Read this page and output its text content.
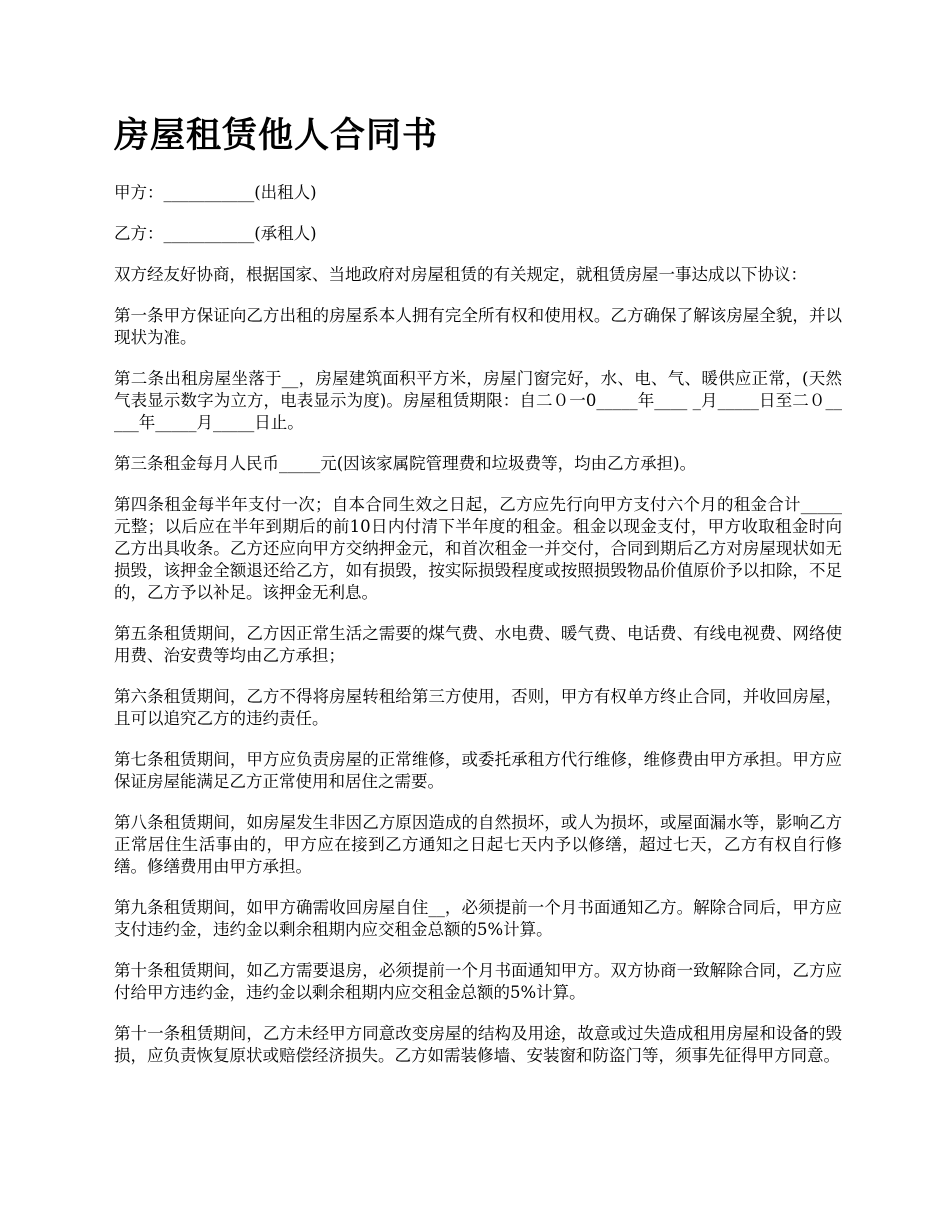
房屋租赁他人合同书

甲方：___________(出租人)

乙方：___________(承租人)

双方经友好协商，根据国家、当地政府对房屋租赁的有关规定，就租赁房屋一事达成以下协议：

第一条甲方保证向乙方出租的房屋系本人拥有完全所有权和使用权。乙方确保了解该房屋全貌，并以现状为准。

第二条出租房屋坐落于__，房屋建筑面积平方米，房屋门窗完好，水、电、气、暖供应正常，(天然气表显示数字为立方，电表显示为度)。房屋租赁期限：自二０一0_____年____ _月_____日至二０_____年_____月_____日止。

第三条租金每月人民币_____元(因该家属院管理费和垃圾费等，均由乙方承担)。

第四条租金每半年支付一次；自本合同生效之日起，乙方应先行向甲方支付六个月的租金合计_____元整；以后应在半年到期后的前10日内付清下半年度的租金。租金以现金支付，甲方收取租金时向乙方出具收条。乙方还应向甲方交纳押金元，和首次租金一并交付，合同到期后乙方对房屋现状如无损毁，该押金全额退还给乙方，如有损毁，按实际损毁程度或按照损毁物品价值原价予以扣除，不足的，乙方予以补足。该押金无利息。

第五条租赁期间，乙方因正常生活之需要的煤气费、水电费、暖气费、电话费、有线电视费、网络使用费、治安费等均由乙方承担；

第六条租赁期间，乙方不得将房屋转租给第三方使用，否则，甲方有权单方终止合同，并收回房屋，且可以追究乙方的违约责任。

第七条租赁期间，甲方应负责房屋的正常维修，或委托承租方代行维修，维修费由甲方承担。甲方应保证房屋能满足乙方正常使用和居住之需要。

第八条租赁期间，如房屋发生非因乙方原因造成的自然损坏，或人为损坏，或屋面漏水等，影响乙方正常居住生活事由的，甲方应在接到乙方通知之日起七天内予以修缮，超过七天，乙方有权自行修缮。修缮费用由甲方承担。

第九条租赁期间，如甲方确需收回房屋自住__，必须提前一个月书面通知乙方。解除合同后，甲方应支付违约金，违约金以剩余租期内应交租金总额的5%计算。

第十条租赁期间，如乙方需要退房，必须提前一个月书面通知甲方。双方协商一致解除合同，乙方应付给甲方违约金，违约金以剩余租期内应交租金总额的5%计算。

第十一条租赁期间，乙方未经甲方同意改变房屋的结构及用途，故意或过失造成租用房屋和设备的毁损，应负责恢复原状或赔偿经济损失。乙方如需装修墙、安装窗和防盗门等，须事先征得甲方同意。
